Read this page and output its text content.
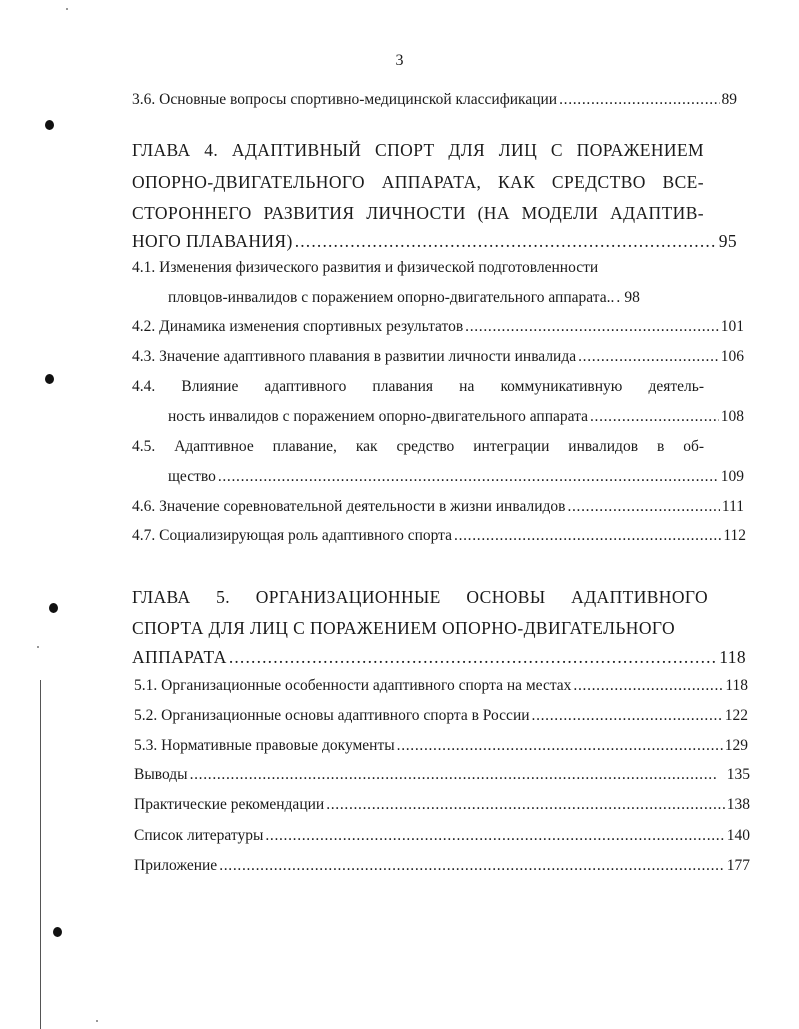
3
3.6. Основные вопросы спортивно-медицинской классификации . . .	89
ГЛАВА 4. АДАПТИВНЫЙ СПОРТ ДЛЯ ЛИЦ С ПОРАЖЕНИЕМ
ОПОРНО-ДВИГАТЕЛЬНОГО АППАРАТА, КАК СРЕДСТВО ВСЕ-
СТОРОННЕГО РАЗВИТИЯ ЛИЧНОСТИ (НА МОДЕЛИ АДАПТИВ-
НОГО ПЛАВАНИЯ) . . .	95
4.1. Изменения физического развития и физической подготовленности
пловцов-инвалидов с поражением опорно-двигательного аппарата.. . . . 98
4.2. Динамика изменения спортивных результатов . . .	101
4.3. Значение адаптивного плавания в развитии личности инвалида . . .	106
4.4. Влияние адаптивного плавания на коммуникативную деятель-
ность инвалидов с поражением опорно-двигательного аппарата . . .	108
4.5. Адаптивное плавание, как средство интеграции инвалидов в об-
щество . . .	109
4.6. Значение соревновательной деятельности в жизни инвалидов . . .	111
4.7. Социализирующая роль адаптивного спорта . . .	112
ГЛАВА 5. ОРГАНИЗАЦИОННЫЕ ОСНОВЫ АДАПТИВНОГО
СПОРТА ДЛЯ ЛИЦ С ПОРАЖЕНИЕМ ОПОРНО-ДВИГАТЕЛЬНОГО
АППАРАТА . . .	118
5.1. Организационные особенности адаптивного спорта на местах . . .	118
5.2. Организационные основы адаптивного спорта в России . . .	122
5.3. Нормативные правовые документы . . .	129
Выводы . . .	135
Практические рекомендации . . .	138
Список литературы . . .	140
Приложение . . .	177
